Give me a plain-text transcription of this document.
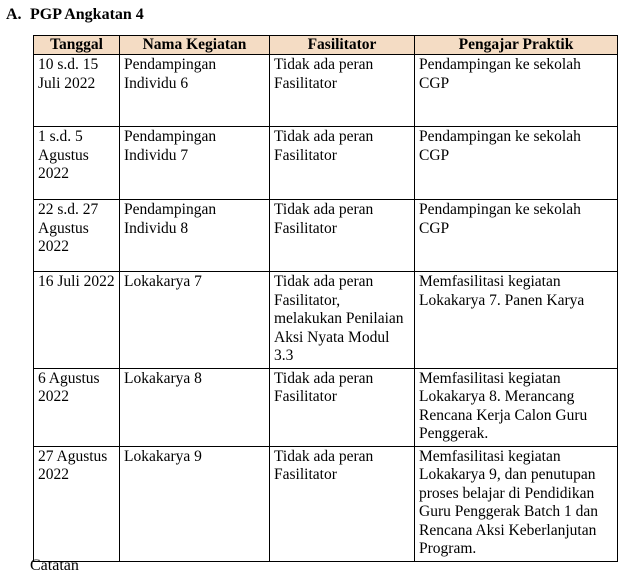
A. PGP Angkatan 4
Tanggal	Nama Kegiatan	Fasilitator	Pengajar Praktik
10 s.d. 15 Juli 2022	Pendampingan Individu 6	Tidak ada peran Fasilitator	Pendampingan ke sekolah CGP
1 s.d. 5 Agustus 2022	Pendampingan Individu 7	Tidak ada peran Fasilitator	Pendampingan ke sekolah CGP
22 s.d. 27 Agustus 2022	Pendampingan Individu 8	Tidak ada peran Fasilitator	Pendampingan ke sekolah CGP
16 Juli 2022	Lokakarya 7	Tidak ada peran Fasilitator, melakukan Penilaian Aksi Nyata Modul 3.3	Memfasilitasi kegiatan Lokakarya 7. Panen Karya
6 Agustus 2022	Lokakarya 8	Tidak ada peran Fasilitator	Memfasilitasi kegiatan Lokakarya 8. Merancang Rencana Kerja Calon Guru Penggerak.
27 Agustus 2022	Lokakarya 9	Tidak ada peran Fasilitator	Memfasilitasi kegiatan Lokakarya 9, dan penutupan proses belajar di Pendidikan Guru Penggerak Batch 1 dan Rencana Aksi Keberlanjutan Program.
Catatan
